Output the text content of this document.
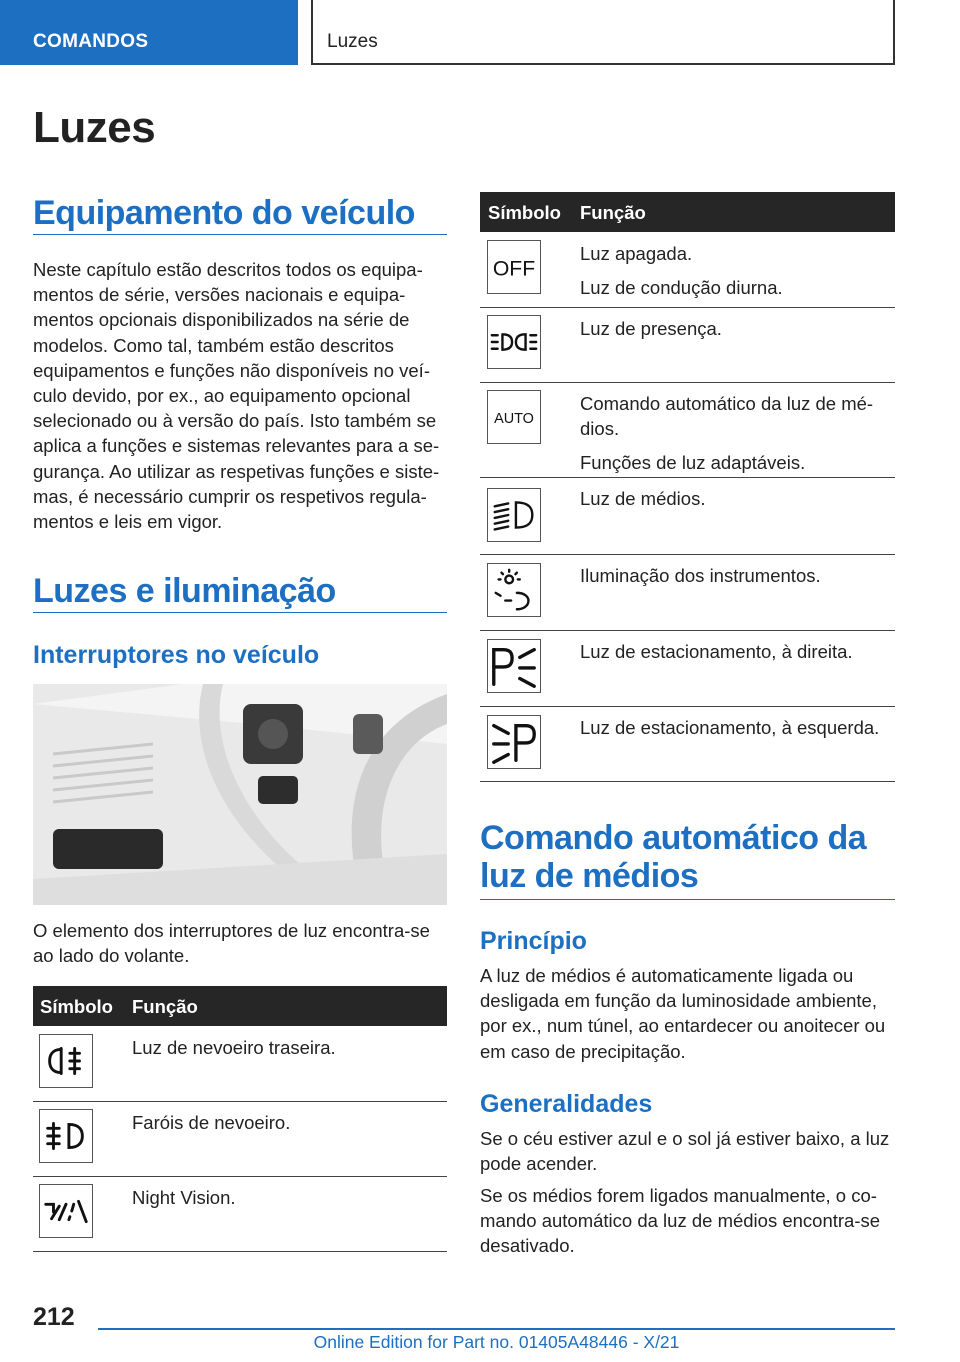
COMANDOS	Luzes
Luzes
Equipamento do veículo
Neste capítulo estão descritos todos os equipa-
mentos de série, versões nacionais e equipa-
mentos opcionais disponibilizados na série de
modelos. Como tal, também estão descritos
equipamentos e funções não disponíveis no veí-
culo devido, por ex., ao equipamento opcional
selecionado ou à versão do país. Isto também se
aplica a funções e sistemas relevantes para a se-
gurança. Ao utilizar as respetivas funções e siste-
mas, é necessário cumprir os respetivos regula-
mentos e leis em vigor.
Luzes e iluminação
Interruptores no veículo
O elemento dos interruptores de luz encontra-se
ao lado do volante.
Símbolo Função
Luz de nevoeiro traseira.
Faróis de nevoeiro.
Night Vision.
Símbolo Função
OFF
Luz apagada.
Luz de condução diurna.
Luz de presença.
AUTO
Comando automático da luz de mé-
dios.
Funções de luz adaptáveis.
Luz de médios.
Iluminação dos instrumentos.
Luz de estacionamento, à direita.
Luz de estacionamento, à esquerda.
Comando automático da
luz de médios
Princípio
A luz de médios é automaticamente ligada ou
desligada em função da luminosidade ambiente,
por ex., num túnel, ao entardecer ou anoitecer ou
em caso de precipitação.
Generalidades
Se o céu estiver azul e o sol já estiver baixo, a luz
pode acender.
Se os médios forem ligados manualmente, o co-
mando automático da luz de médios encontra-se
desativado.
212
Online Edition for Part no. 01405A48446 - X/21
